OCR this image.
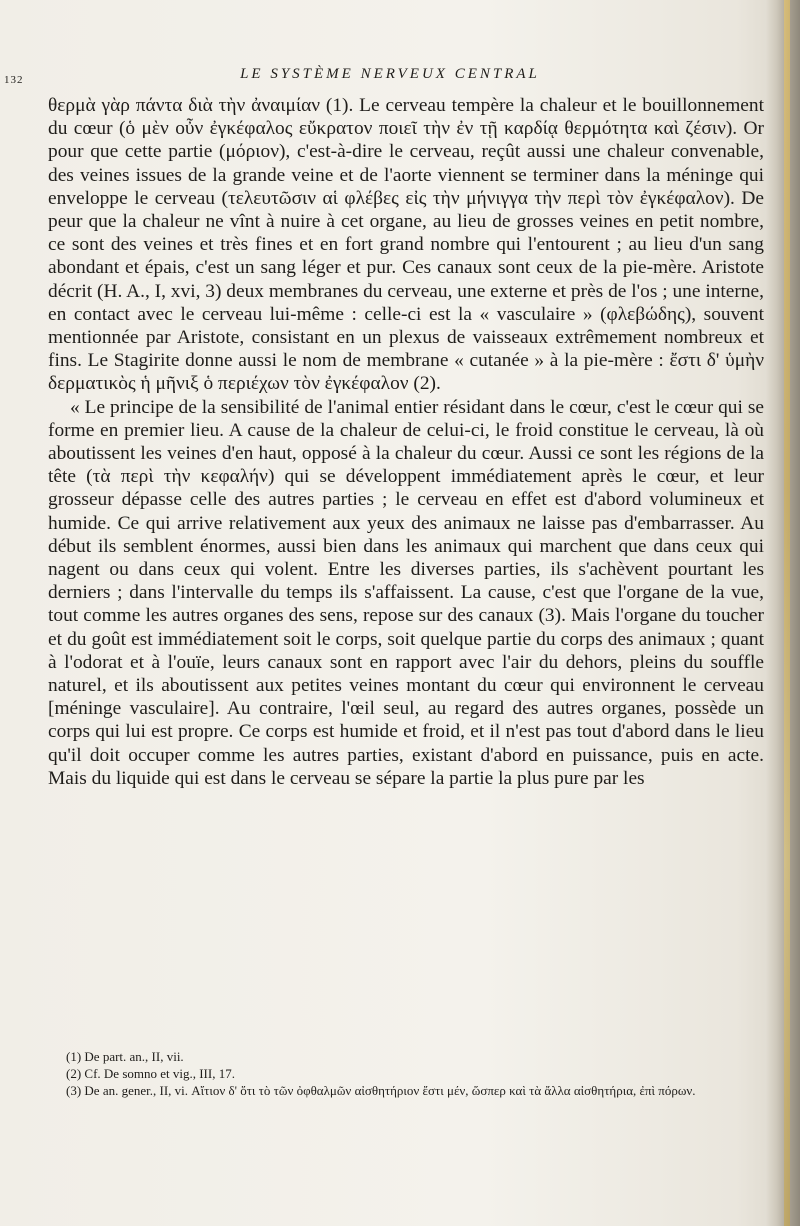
132	LE SYSTÈME NERVEUX CENTRAL

θερμὰ γὰρ πάντα διὰ τὴν ἀναιμίαν (1). Le cerveau tempère la chaleur et le bouillonnement du cœur (ὁ μὲν οὖν ἐγκέφαλος εὔκρατον ποιεῖ τὴν ἐν τῇ καρδίᾳ θερμότητα καὶ ζέσιν). Or pour que cette partie (μόριον), c'est-à-dire le cerveau, reçût aussi une chaleur convenable, des veines issues de la grande veine et de l'aorte viennent se terminer dans la méninge qui enveloppe le cerveau (τελευτῶσιν αἱ φλέβες εἰς τὴν μήνιγγα τὴν περὶ τὸν ἐγκέφαλον). De peur que la chaleur ne vînt à nuire à cet organe, au lieu de grosses veines en petit nombre, ce sont des veines et très fines et en fort grand nombre qui l'entourent ; au lieu d'un sang abondant et épais, c'est un sang léger et pur. Ces canaux sont ceux de la pie-mère. Aristote décrit (H. A., I, xvi, 3) deux membranes du cerveau, une externe et près de l'os ; une interne, en contact avec le cerveau lui-même : celle-ci est la « vasculaire » (φλεβώδης), souvent mentionnée par Aristote, consistant en un plexus de vaisseaux extrêmement nombreux et fins. Le Stagirite donne aussi le nom de membrane « cutanée » à la pie-mère : ἔστι δ' ὑμὴν δερματικὸς ἡ μῆνιξ ὁ περιέχων τὸν ἐγκέφαλον (2).

« Le principe de la sensibilité de l'animal entier résidant dans le cœur, c'est le cœur qui se forme en premier lieu. A cause de la chaleur de celui-ci, le froid constitue le cerveau, là où aboutissent les veines d'en haut, opposé à la chaleur du cœur. Aussi ce sont les régions de la tête (τὰ περὶ τὴν κεφαλήν) qui se développent immédiatement après le cœur, et leur grosseur dépasse celle des autres parties ; le cerveau en effet est d'abord volumineux et humide. Ce qui arrive relativement aux yeux des animaux ne laisse pas d'embarrasser. Au début ils semblent énormes, aussi bien dans les animaux qui marchent que dans ceux qui nagent ou dans ceux qui volent. Entre les diverses parties, ils s'achèvent pourtant les derniers ; dans l'intervalle du temps ils s'affaissent. La cause, c'est que l'organe de la vue, tout comme les autres organes des sens, repose sur des canaux (3). Mais l'organe du toucher et du goût est immédiatement soit le corps, soit quelque partie du corps des animaux ; quant à l'odorat et à l'ouïe, leurs canaux sont en rapport avec l'air du dehors, pleins du souffle naturel, et ils aboutissent aux petites veines montant du cœur qui environnent le cerveau [méninge vasculaire]. Au contraire, l'œil seul, au regard des autres organes, possède un corps qui lui est propre. Ce corps est humide et froid, et il n'est pas tout d'abord dans le lieu qu'il doit occuper comme les autres parties, existant d'abord en puissance, puis en acte. Mais du liquide qui est dans le cerveau se sépare la partie la plus pure par les

(1) De part. an., II, vii.
(2) Cf. De somno et vig., III, 17.
(3) De an. gener., II, vi. Αἴτιον δ' ὅτι τὸ τῶν ὀφθαλμῶν αἰσθητήριον ἔστι μέν, ὥσπερ καὶ τὰ ἄλλα αἰσθητήρια, ἐπὶ πόρων.
